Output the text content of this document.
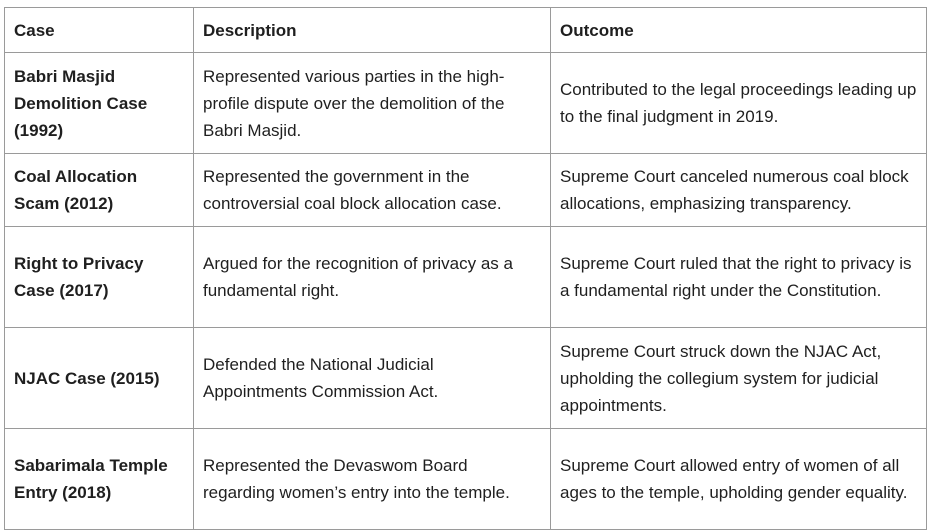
Case	Description	Outcome
Babri Masjid Demolition Case (1992)	Represented various parties in the high-profile dispute over the demolition of the Babri Masjid.	Contributed to the legal proceedings leading up to the final judgment in 2019.
Coal Allocation Scam (2012)	Represented the government in the controversial coal block allocation case.	Supreme Court canceled numerous coal block allocations, emphasizing transparency.
Right to Privacy Case (2017)	Argued for the recognition of privacy as a fundamental right.	Supreme Court ruled that the right to privacy is a fundamental right under the Constitution.
NJAC Case (2015)	Defended the National Judicial Appointments Commission Act.	Supreme Court struck down the NJAC Act, upholding the collegium system for judicial appointments.
Sabarimala Temple Entry (2018)	Represented the Devaswom Board regarding women’s entry into the temple.	Supreme Court allowed entry of women of all ages to the temple, upholding gender equality.
